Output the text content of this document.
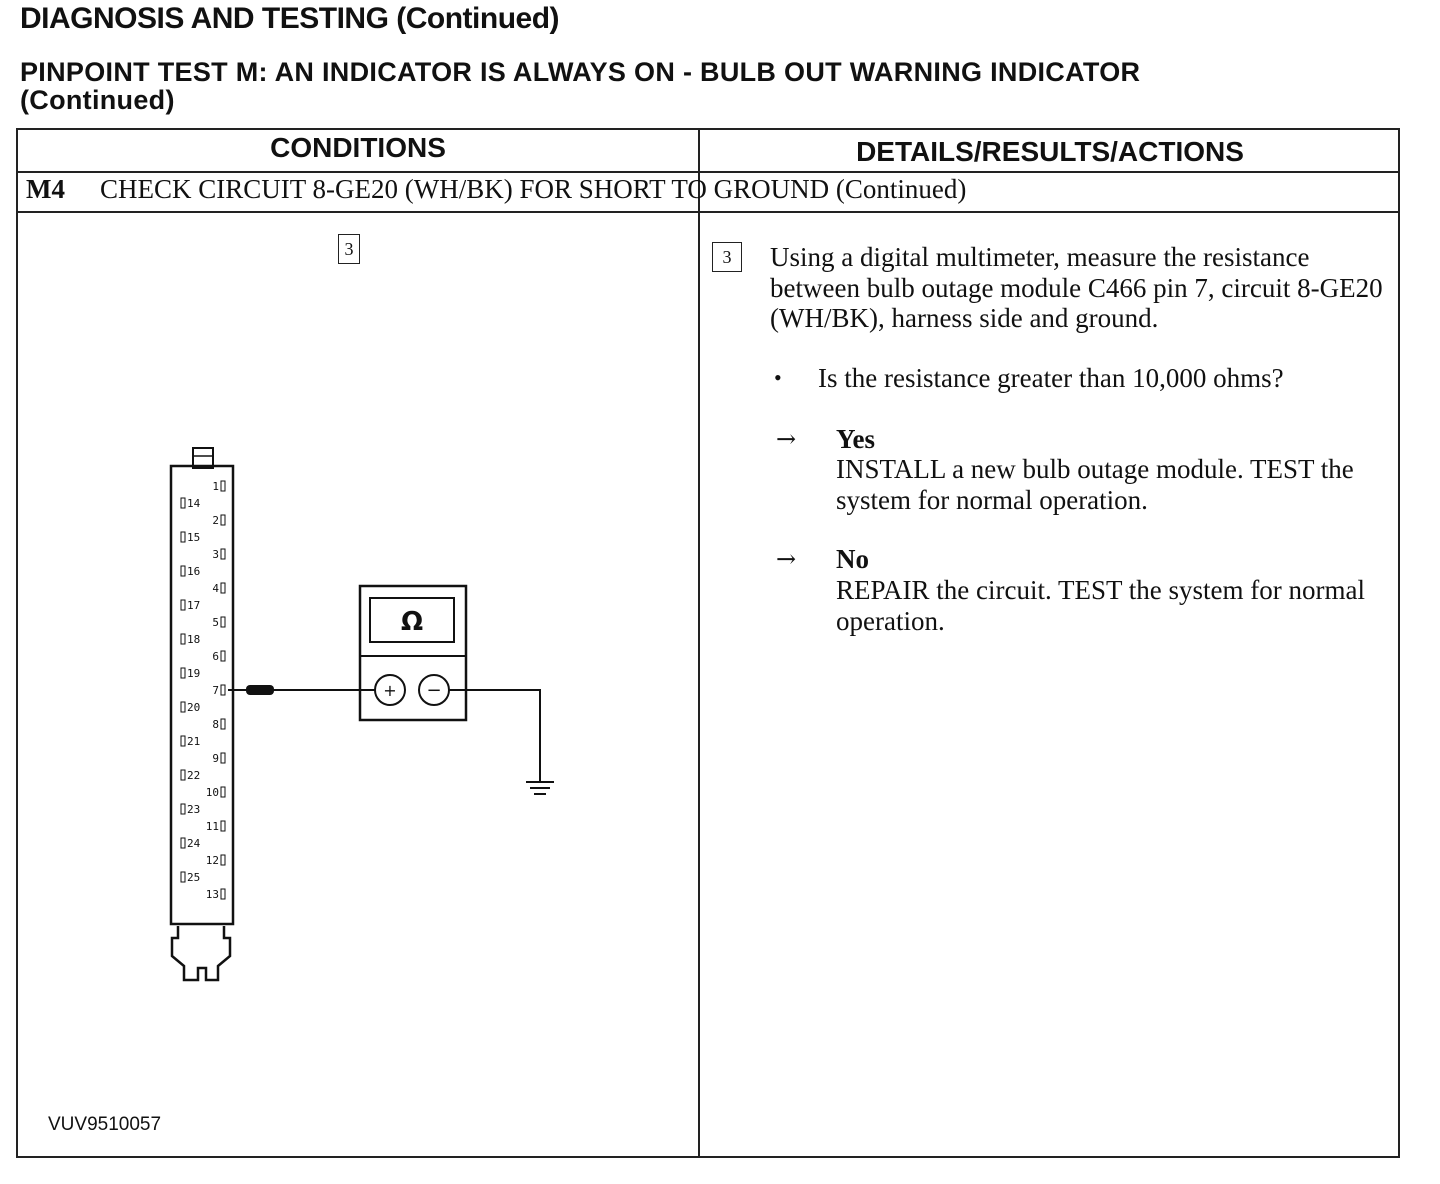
DIAGNOSIS AND TESTING (Continued)
PINPOINT TEST M: AN INDICATOR IS ALWAYS ON - BULB OUT WARNING INDICATOR
(Continued)
CONDITIONS	DETAILS/RESULTS/ACTIONS
M4 CHECK CIRCUIT 8-GE20 (WH/BK) FOR SHORT TO GROUND (Continued)
1
2
3
4
5
6
7
8
9
10
11
12
13
14
15
16
17
18
19
20
21
22
23
24
25
Ω
+ −
3
VUV9510057
3	Using a digital multimeter, measure the resistance between bulb outage module C466 pin 7, circuit 8-GE20 (WH/BK), harness side and ground.

• Is the resistance greater than 10,000 ohms?
→ Yes

INSTALL a new bulb outage module. TEST the system for normal operation.

→ No

REPAIR the circuit. TEST the system for normal operation.
